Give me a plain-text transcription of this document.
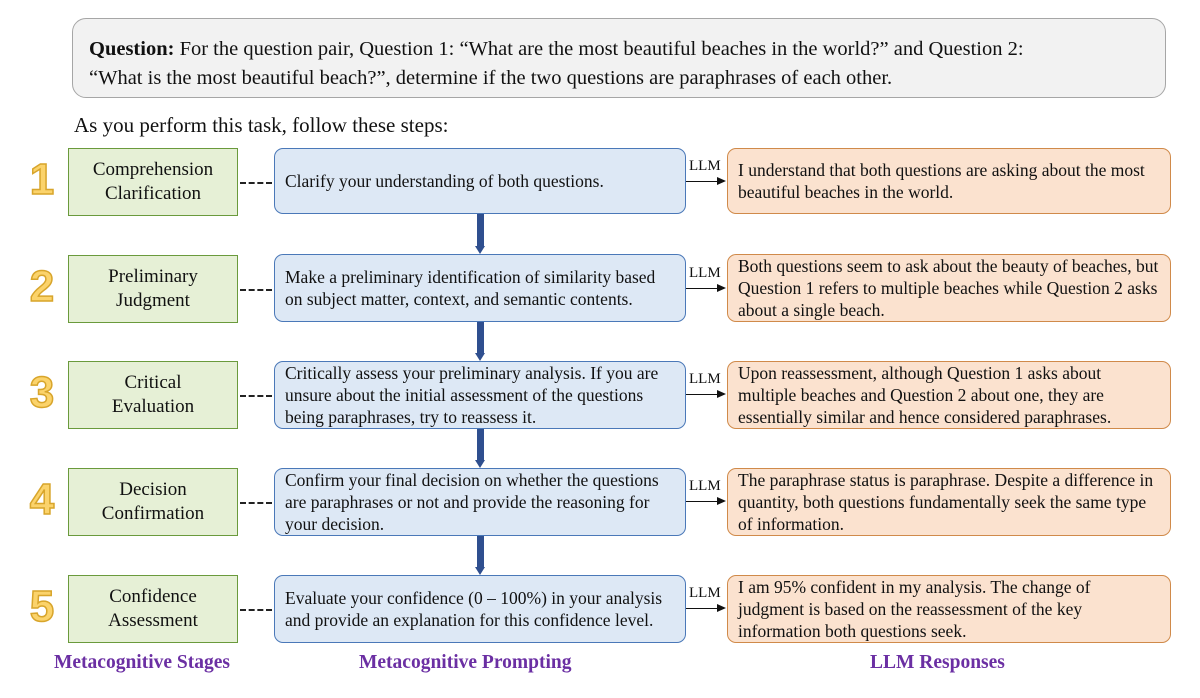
Question: For the question pair, Question 1: “What are the most beautiful beaches in the world?” and Question 2:
“What is the most beautiful beach?”, determine if the two questions are paraphrases of each other.
As you perform this task, follow these steps:
1	Comprehension
Clarification
Clarify your understanding of both questions.
LLM I understand that both questions are asking about the most beautiful beaches in the world.
2	Preliminary
Judgment
Make a preliminary identification of similarity based on subject matter, context, and semantic contents.
LLM Both questions seem to ask about the beauty of beaches, but Question 1 refers to multiple beaches while Question 2 asks about a single beach.
3	Critical
Evaluation
Critically assess your preliminary analysis. If you are unsure about the initial assessment of the questions being paraphrases, try to reassess it.
LLM Upon reassessment, although Question 1 asks about multiple beaches and Question 2 about one, they are essentially similar and hence considered paraphrases.
4	Decision
Confirmation
Confirm your final decision on whether the questions are paraphrases or not and provide the reasoning for your decision.
LLM The paraphrase status is paraphrase. Despite a difference in quantity, both questions fundamentally seek the same type of information.
5	Confidence
Assessment
Evaluate your confidence (0 – 100%) in your analysis and provide an explanation for this confidence level.
LLM I am 95% confident in my analysis. The change of judgment is based on the reassessment of the key information both questions seek.
Metacognitive Stages	Metacognitive Prompting	LLM Responses
